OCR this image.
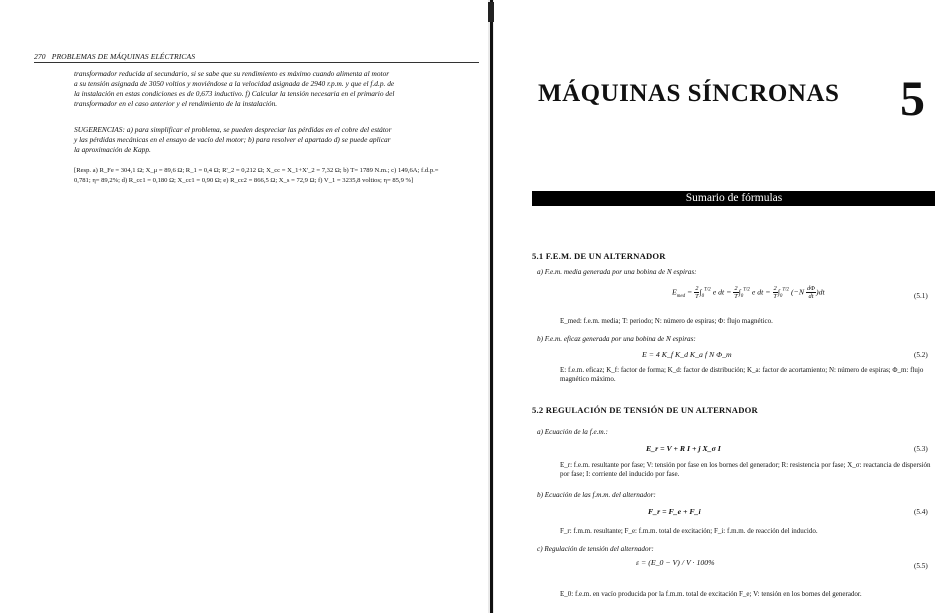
270 PROBLEMAS DE MÁQUINAS ELÉCTRICAS
transformador reducida al secundario, si se sabe que su rendimiento es máximo cuando alimenta al motor
a su tensión asignada de 3050 voltios y moviéndose a la velocidad asignada de 2940 r.p.m. y que el f.d.p. de
la instalación en estas condiciones es de 0,673 inductivo. f) Calcular la tensión necesaria en el primario del
transformador en el caso anterior y el rendimiento de la instalación.
SUGERENCIAS: a) para simplificar el problema, se pueden despreciar las pérdidas en el cobre del estátor
y las pérdidas mecánicas en el ensayo de vacío del motor; b) para resolver el apartado d) se puede aplicar
la aproximación de Kapp.
[Resp. a) R_Fe = 304,1 Ω; X_μ = 89,6 Ω; R_1 = 0,4 Ω; R'_2 = 0,212 Ω; X_cc = X_1+X'_2 = 7,32 Ω; b) T= 1789 N.m.; c) 149,6A; f.d.p.=
0,781; η= 89,2%; d) R_cc1 = 0,180 Ω; X_cc1 = 0,90 Ω; e) R_cc2 = 866,5 Ω; X_s = 72,9 Ω; f) V_1 = 3235,8 voltios; η= 85,9 %]
MÁQUINAS SÍNCRONAS 5
Sumario de fórmulas
5.1 F.E.M. DE UN ALTERNADOR
a) F.e.m. media generada por una bobina de N espiras:
$E_{med} = \frac{2}{T} \int_0^{T/2}$ e dt = $\frac{2}{T} \int_0^{T/2}$ e dt = $\frac{2}{T} \int_0^{T/2}$ $(-N \frac{d\Phi}{dt} )dt$	(5.1)
E_med: f.e.m. media; T: periodo; N: número de espiras; Φ: flujo magnético.
b) F.e.m. eficaz generada por una bobina de N espiras:
E = 4 K_f K_d K_a f N Φ_m	(5.2)
E: f.e.m. eficaz; K_f: factor de forma; K_d: factor de distribución; K_a: factor de acortamiento; N: número de espiras; Φ_m: flujo magnético máximo.
5.2 REGULACIÓN DE TENSIÓN DE UN ALTERNADOR
a) Ecuación de la f.e.m.:
E_r = V + R I + j X_σ I	(5.3)
E_r: f.e.m. resultante por fase; V: tensión por fase en los bornes del generador; R: resistencia por fase; X_σ: reactancia de dispersión por fase; I: corriente del inducido por fase.
b) Ecuación de las f.m.m. del alternador:
F_r = F_e + F_i	(5.4)
F_r: f.m.m. resultante; F_e: f.m.m. total de excitación; F_i: f.m.m. de reacción del inducido.
c) Regulación de tensión del alternador:
ε = (E_0 − V) / V · 100%	(5.5)
E_0: f.e.m. en vacío producida por la f.m.m. total de excitación F_e; V: tensión en los bornes del generador.
